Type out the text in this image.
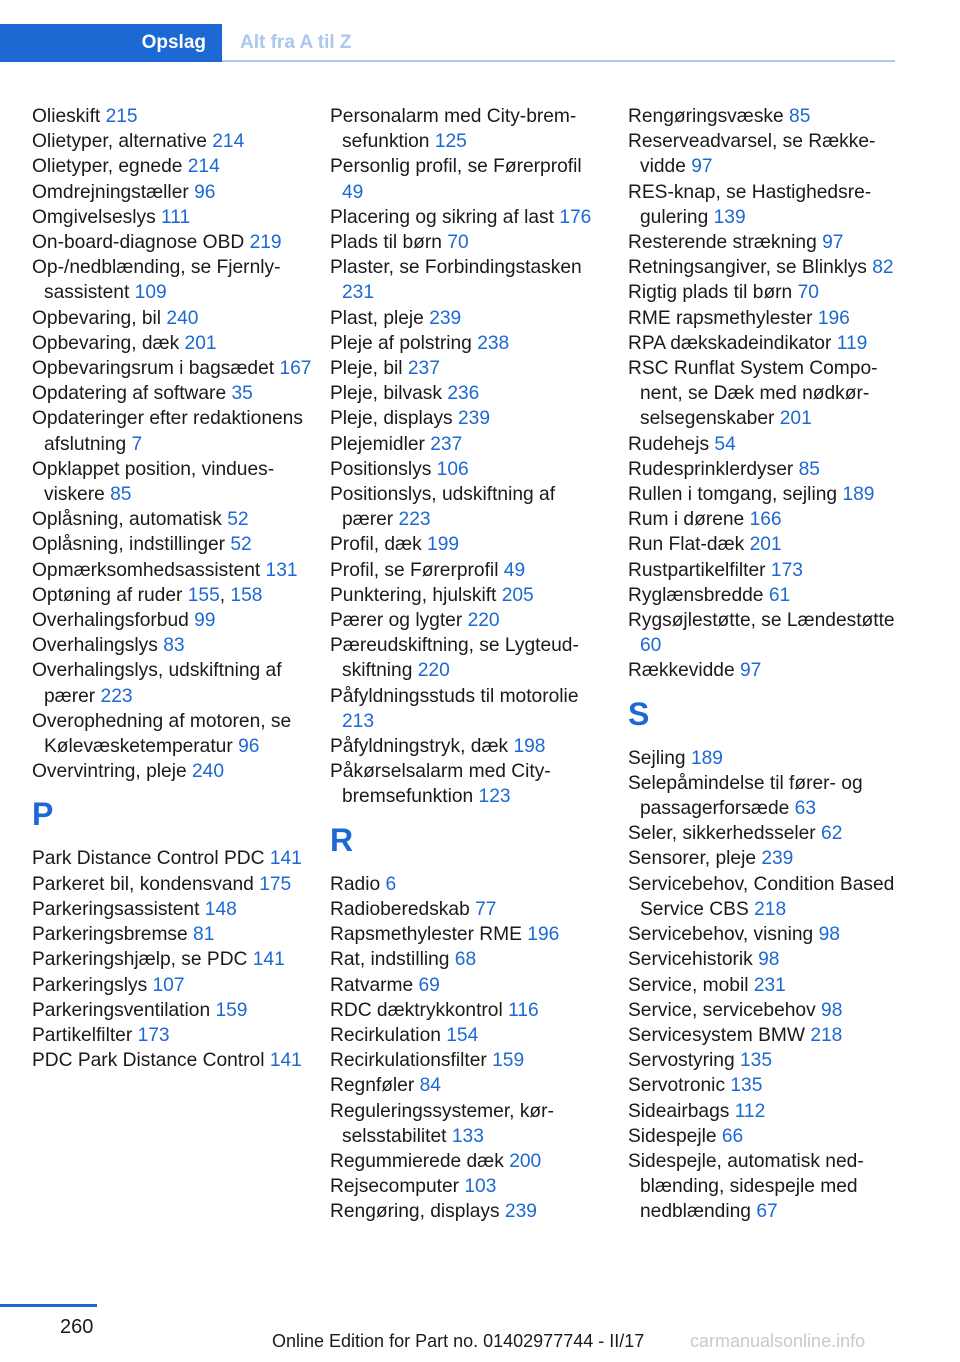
Opslag	Alt fra A til Z

Olieskift 215

Olietyper, alternative 214

Olietyper, egnede 214

Omdrejningstæller 96

Omgivelseslys 111

On-board-diagnose OBD 219

Op-/nedblænding, se Fjernlysassistent 109

Opbevaring, bil 240

Opbevaring, dæk 201

Opbevaringsrum i bagsædet 167

Opdatering af software 35

Opdateringer efter redaktionens afslutning 7

Opklappet position, vinduesviskere 85

Oplåsning, automatisk 52

Oplåsning, indstillinger 52

Opmærksomhedsassistent 131

Optøning af ruder 155, 158

Overhalingsforbud 99

Overhalingslys 83

Overhalingslys, udskiftning af pærer 223

Overophedning af motoren, se Kølevæsketemperatur 96

Overvintring, pleje 240

P

Park Distance Control PDC 141

Parkeret bil, kondensvand 175

Parkeringsassistent 148

Parkeringsbremse 81

Parkeringshjælp, se PDC 141

Parkeringslys 107

Parkeringsventilation 159

Partikelfilter 173

PDC Park Distance Control 141

Personalarm med City-bremsefunktion 125

Personlig profil, se Førerprofil 49

Placering og sikring af last 176

Plads til børn 70

Plaster, se Forbindingstasken 231

Plast, pleje 239

Pleje af polstring 238

Pleje, bil 237

Pleje, bilvask 236

Pleje, displays 239

Plejemidler 237

Positionslys 106

Positionslys, udskiftning af pærer 223

Profil, dæk 199

Profil, se Førerprofil 49

Punktering, hjulskift 205

Pærer og lygter 220

Pæreudskiftning, se Lygteudskiftning 220

Påfyldningsstuds til motorolie 213

Påfyldningstryk, dæk 198

Påkørselsalarm med City-bremsefunktion 123

R

Radio 6

Radioberedskab 77

Rapsmethylester RME 196

Rat, indstilling 68

Ratvarme 69

RDC dæktrykkontrol 116

Recirkulation 154

Recirkulationsfilter 159

Regnføler 84

Reguleringssystemer, kørselsstabilitet 133

Regummierede dæk 200

Rejsecomputer 103

Rengøring, displays 239

Rengøringsvæske 85

Reserveadvarsel, se Rækkevidde 97

RES-knap, se Hastighedsregulering 139

Resterende strækning 97

Retningsangiver, se Blinklys 82

Rigtig plads til børn 70

RME rapsmethylester 196

RPA dækskadeindikator 119

RSC Runflat System Component, se Dæk med nødkørselsegenskaber 201

Rudehejs 54

Rudesprinklerdyser 85

Rullen i tomgang, sejling 189

Rum i dørene 166

Run Flat-dæk 201

Rustpartikelfilter 173

Ryglænsbredde 61

Rygsøjlestøtte, se Lændestøtte 60

Rækkevidde 97

S

Sejling 189

Selepåmindelse til fører- og passagerforsæde 63

Seler, sikkerhedsseler 62

Sensorer, pleje 239

Servicebehov, Condition Based Service CBS 218

Servicebehov, visning 98

Servicehistorik 98

Service, mobil 231

Service, servicebehov 98

Servicesystem BMW 218

Servostyring 135

Servotronic 135

Sideairbags 112

Sidespejle 66

Sidespejle, automatisk nedblænding, sidespejle med nedblænding 67

260
Online Edition for Part no. 01402977744 - II/17	carmanualsonline.info
